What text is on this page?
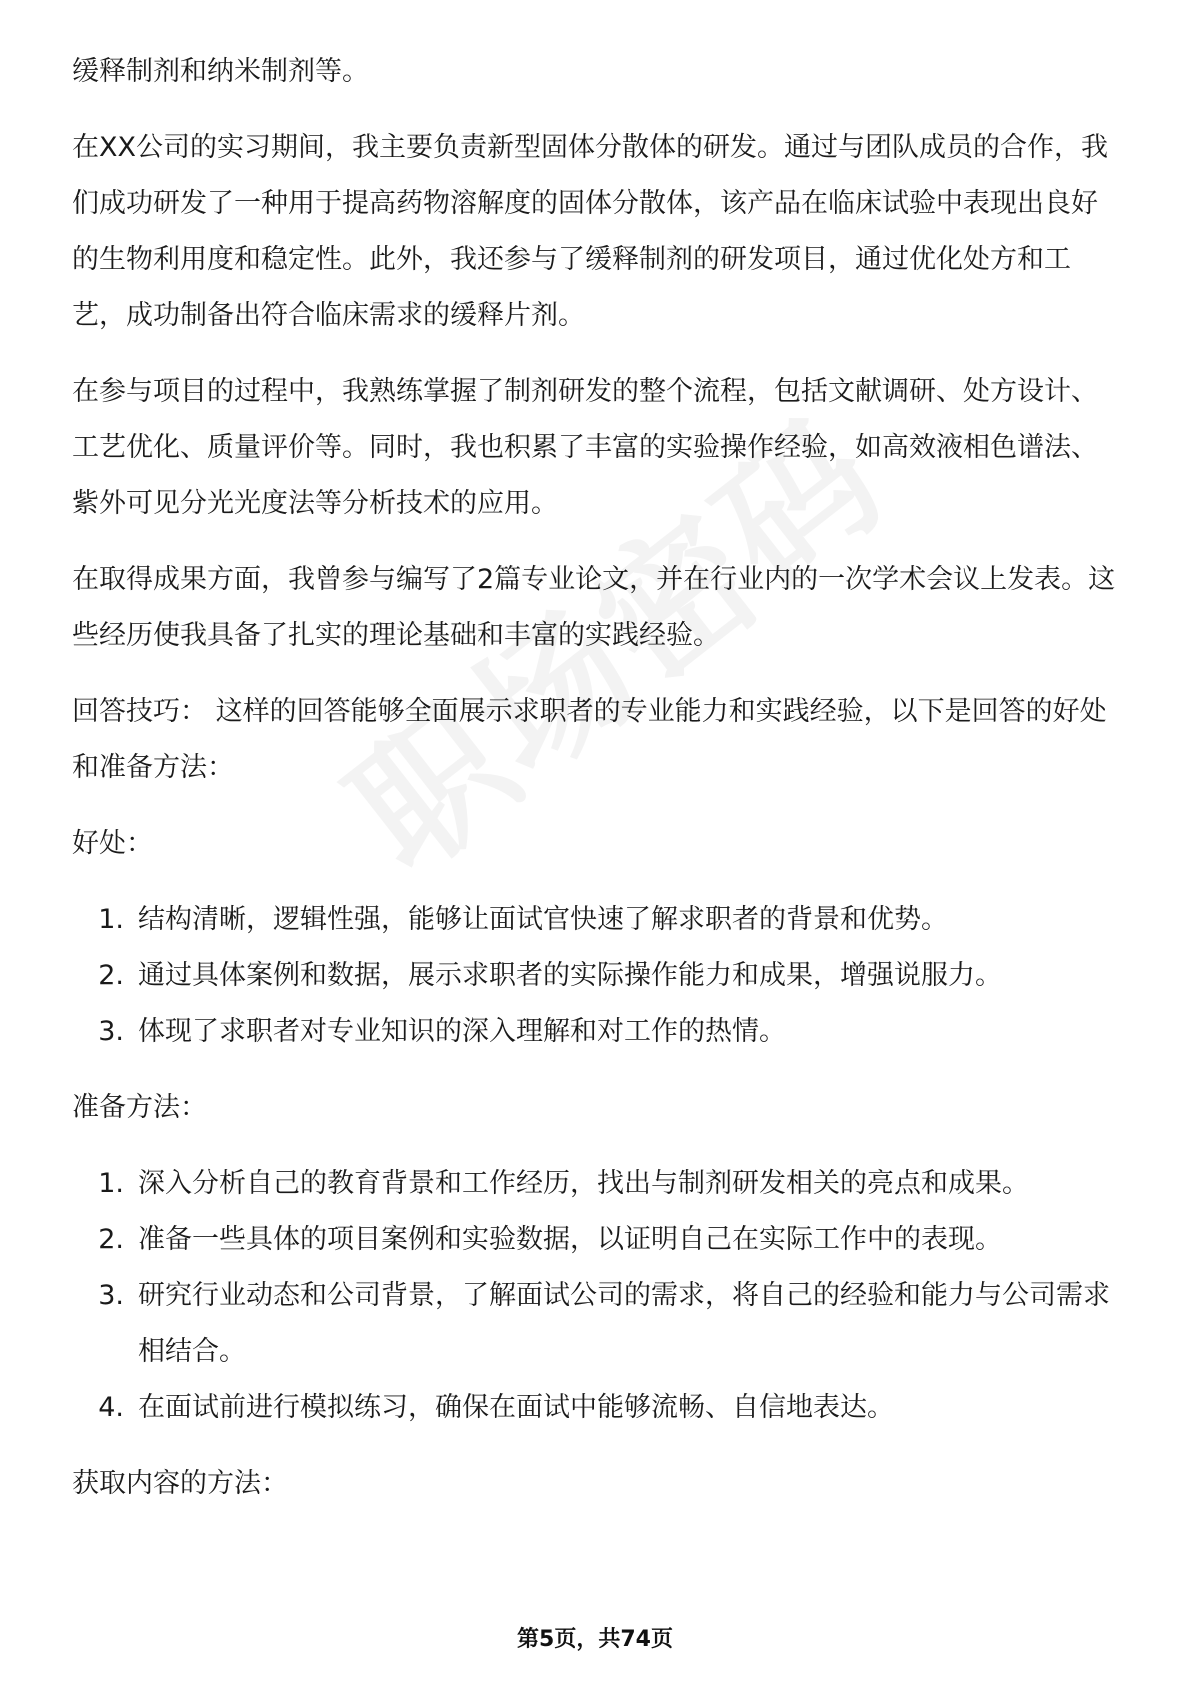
缓释制剂和纳米制剂等。

在XX公司的实习期间，我主要负责新型固体分散体的研发。通过与团队成员的合作，我们成功研发了一种用于提高药物溶解度的固体分散体，该产品在临床试验中表现出良好的生物利用度和稳定性。此外，我还参与了缓释制剂的研发项目，通过优化处方和工艺，成功制备出符合临床需求的缓释片剂。

在参与项目的过程中，我熟练掌握了制剂研发的整个流程，包括文献调研、处方设计、工艺优化、质量评价等。同时，我也积累了丰富的实验操作经验，如高效液相色谱法、紫外可见分光光度法等分析技术的应用。

在取得成果方面，我曾参与编写了2篇专业论文，并在行业内的一次学术会议上发表。这些经历使我具备了扎实的理论基础和丰富的实践经验。

回答技巧： 这样的回答能够全面展示求职者的专业能力和实践经验，以下是回答的好处和准备方法：

好处：

1. 结构清晰，逻辑性强，能够让面试官快速了解求职者的背景和优势。
2. 通过具体案例和数据，展示求职者的实际操作能力和成果，增强说服力。
3. 体现了求职者对专业知识的深入理解和对工作的热情。

准备方法：

1. 深入分析自己的教育背景和工作经历，找出与制剂研发相关的亮点和成果。
2. 准备一些具体的项目案例和实验数据，以证明自己在实际工作中的表现。
3. 研究行业动态和公司背景，了解面试公司的需求，将自己的经验和能力与公司需求相结合。
4. 在面试前进行模拟练习，确保在面试中能够流畅、自信地表达。

获取内容的方法：

第5页，共74页
